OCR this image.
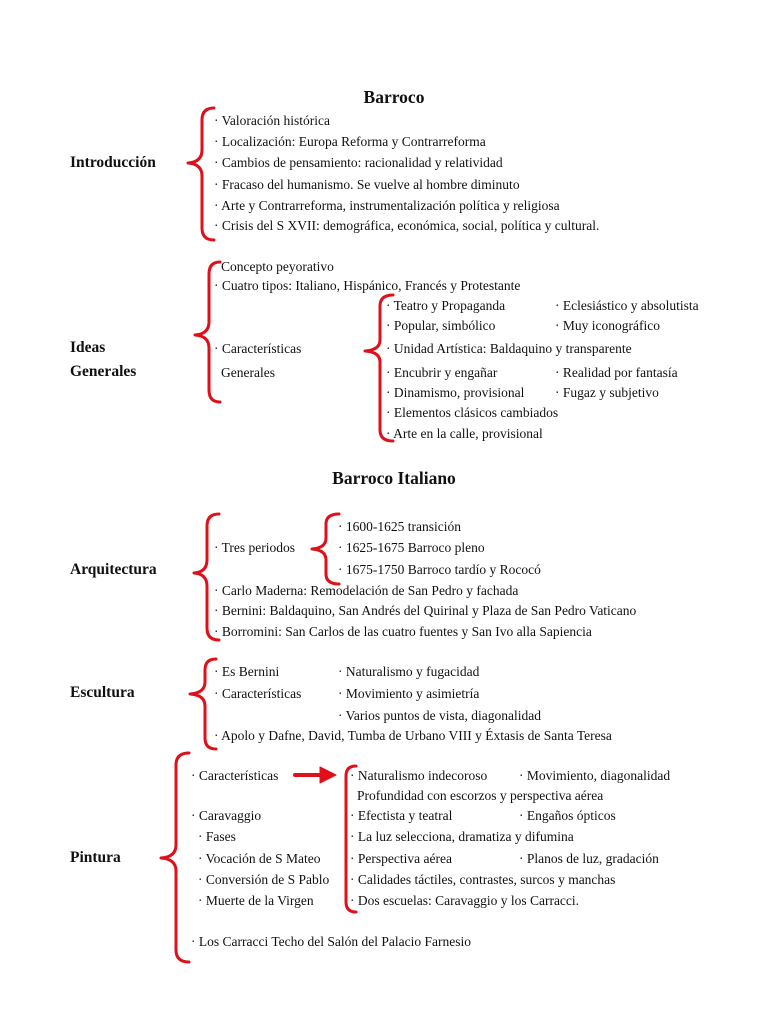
Barroco
Introducción
· Valoración histórica
· Localización: Europa Reforma y Contrarreforma
· Cambios de pensamiento: racionalidad y relatividad
· Fracaso del humanismo. Se vuelve al hombre diminuto
· Arte y Contrarreforma, instrumentalización política y religiosa
· Crisis del S XVII: demográfica, económica, social, política y cultural.
Ideas
Generales
Concepto peyorativo
· Cuatro tipos: Italiano, Hispánico, Francés y Protestante
· Características
Generales
· Teatro y Propaganda	· Eclesiástico y absolutista
· Popular, simbólico	· Muy iconográfico
· Unidad Artística: Baldaquino y transparente
· Encubrir y engañar	· Realidad por fantasía
· Dinamismo, provisional · Fugaz y subjetivo
· Elementos clásicos cambiados
· Arte en la calle, provisional
Barroco Italiano
Arquitectura
· Tres periodos
· 1600-1625 transición
· 1625-1675 Barroco pleno
· 1675-1750 Barroco tardío y Rococó
· Carlo Maderna: Remodelación de San Pedro y fachada
· Bernini: Baldaquino, San Andrés del Quirinal y Plaza de San Pedro Vaticano
· Borromini: San Carlos de las cuatro fuentes y San Ivo alla Sapiencia
Escultura
· Es Bernini
· Características
· Naturalismo y fugacidad
· Movimiento y asimietría
· Varios puntos de vista, diagonalidad
· Apolo y Dafne, David, Tumba de Urbano VIII y Éxtasis de Santa Teresa
Pintura
· Características
· Caravaggio
· Fases
· Vocación de S Mateo
· Conversión de S Pablo
· Muerte de la Virgen
· Naturalismo indecoroso · Movimiento, diagonalidad
Profundidad con escorzos y perspectiva aérea
· Efectista y teatral	· Engaños ópticos
· La luz selecciona, dramatiza y difumina
· Perspectiva aérea	· Planos de luz, gradación
· Calidades táctiles, contrastes, surcos y manchas
· Dos escuelas: Caravaggio y los Carracci.
· Los Carracci Techo del Salón del Palacio Farnesio
